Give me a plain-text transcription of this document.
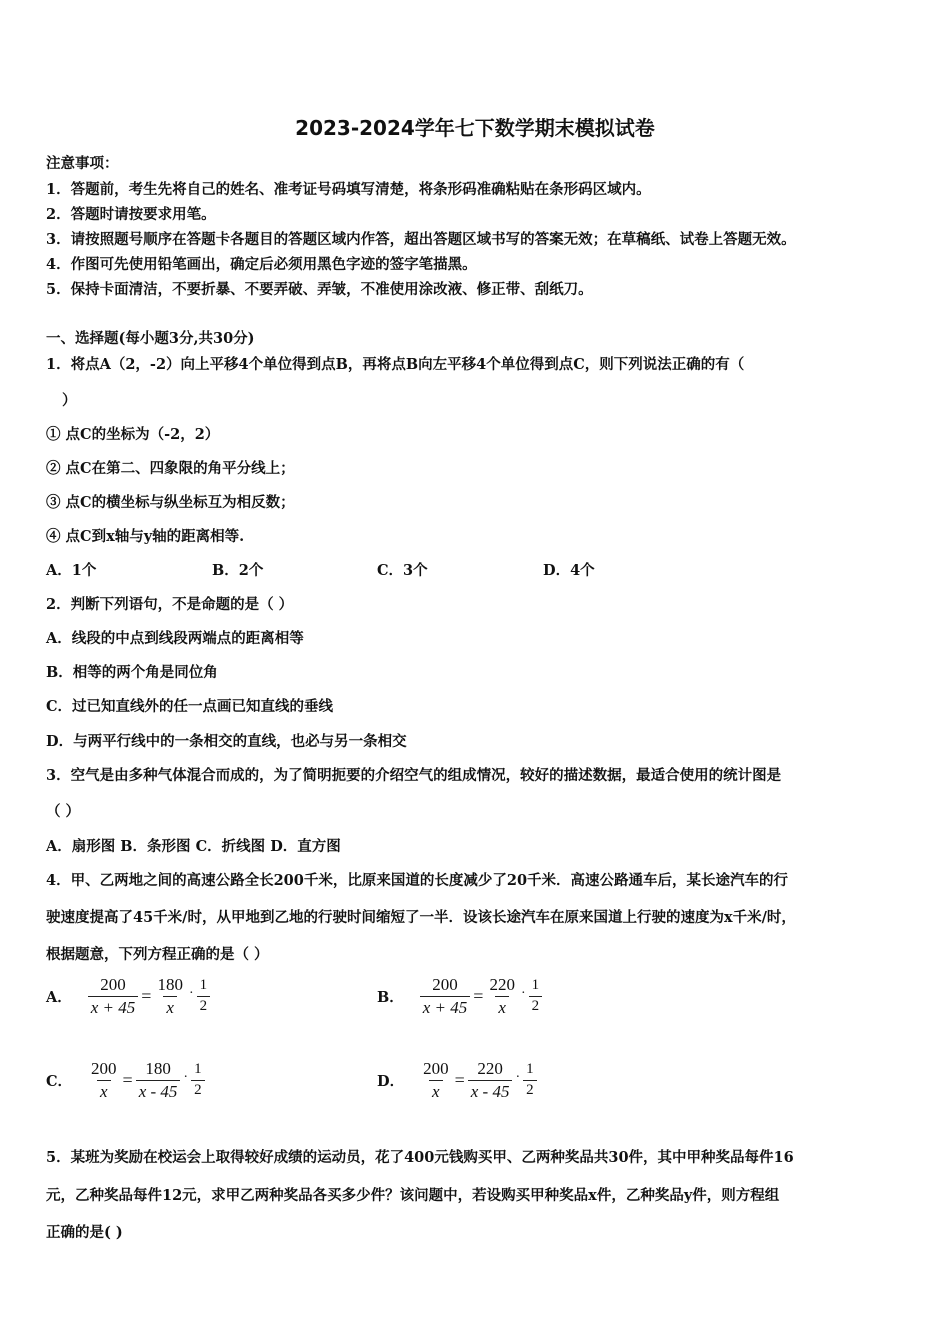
2023-2024学年七下数学期末模拟试卷
注意事项：
1．答题前，考生先将自己的姓名、准考证号码填写清楚，将条形码准确粘贴在条形码区域内。
2．答题时请按要求用笔。
3．请按照题号顺序在答题卡各题目的答题区域内作答，超出答题区域书写的答案无效；在草稿纸、试卷上答题无效。
4．作图可先使用铅笔画出，确定后必须用黑色字迹的签字笔描黑。
5．保持卡面清洁，不要折暴、不要弄破、弄皱，不准使用涂改液、修正带、刮纸刀。
一、选择题(每小题3分,共30分)
1．将点A（2，-2）向上平移4个单位得到点B，再将点B向左平移4个单位得到点C，则下列说法正确的有（
）
① 点C的坐标为（-2，2）
② 点C在第二、四象限的角平分线上；
③ 点C的横坐标与纵坐标互为相反数；
④ 点C到x轴与y轴的距离相等.
A．1个	B．2个	C．3个	D．4个
2．判断下列语句，不是命题的是（ ）
A．线段的中点到线段两端点的距离相等
B．相等的两个角是同位角
C．过已知直线外的任一点画已知直线的垂线
D．与两平行线中的一条相交的直线，也必与另一条相交
3．空气是由多种气体混合而成的，为了简明扼要的介绍空气的组成情况，较好的描述数据，最适合使用的统计图是
（ ）
A．扇形图 B．条形图 C．折线图 D．直方图
4．甲、乙两地之间的高速公路全长200千米，比原来国道的长度减少了20千米．高速公路通车后，某长途汽车的行
驶速度提高了45千米/时，从甲地到乙地的行驶时间缩短了一半．设该长途汽车在原来国道上行驶的速度为x千米/时，
根据题意，下列方程正确的是（ ）
A． $\frac{200}{x + 45} = \frac{180}{x} \cdot \frac{1}{2}$	B． $\frac{200}{x + 45} = \frac{220}{x} \cdot \frac{1}{2}$
C． $\frac{200}{x} = \frac{180}{x - 45} \cdot \frac{1}{2}$	D． $\frac{200}{x} = \frac{220}{x - 45} \cdot \frac{1}{2}$
5．某班为奖励在校运会上取得较好成绩的运动员，花了400元钱购买甲、乙两种奖品共30件，其中甲种奖品每件16
元，乙种奖品每件12元，求甲乙两种奖品各买多少件？该问题中，若设购买甲种奖品x件，乙种奖品y件，则方程组
正确的是( )
